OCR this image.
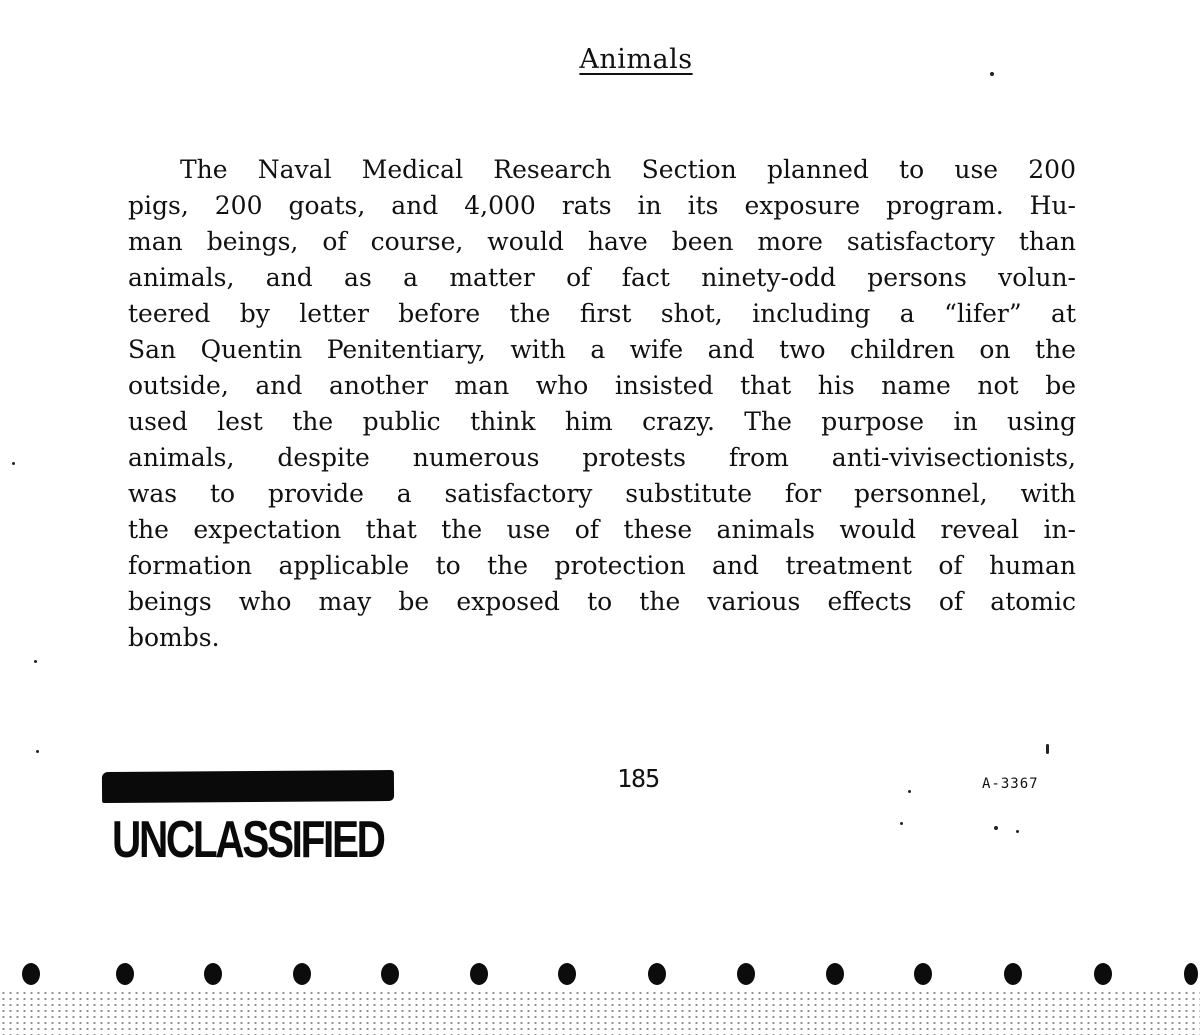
Animals
The Naval Medical Research Section planned to use 200
pigs, 200 goats, and 4,000 rats in its exposure program. Hu-
man beings, of course, would have been more satisfactory than
animals, and as a matter of fact ninety-odd persons volun-
teered by letter before the first shot, including a “lifer” at
San Quentin Penitentiary, with a wife and two children on the
outside, and another man who insisted that his name not be
used lest the public think him crazy. The purpose in using
animals, despite numerous protests from anti-vivisectionists,
was to provide a satisfactory substitute for personnel, with
the expectation that the use of these animals would reveal in-
formation applicable to the protection and treatment of human
beings who may be exposed to the various effects of atomic
bombs.
UNCLASSIFIED
185	A-3367
